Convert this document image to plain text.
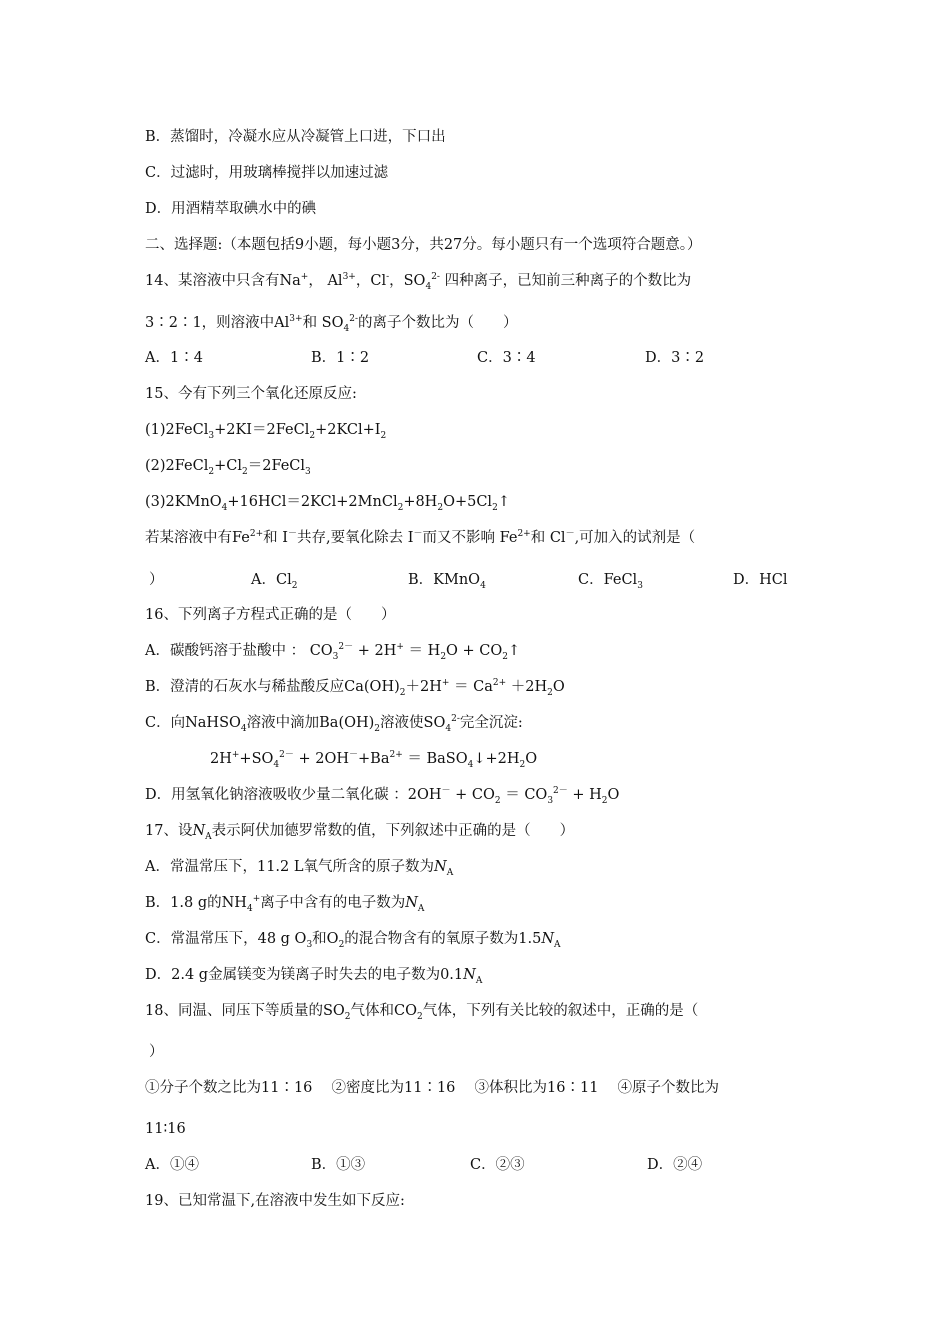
B．蒸馏时，冷凝水应从冷凝管上口进，下口出
C．过滤时，用玻璃棒搅拌以加速过滤
D．用酒精萃取碘水中的碘
二、选择题:（本题包括9小题，每小题3分，共27分。每小题只有一个选项符合题意。）
14、某溶液中只含有Na+， $Al^{3+}$，Cl-，$SO_4^{2-}$ 四种离子，已知前三种离子的个数比为
3∶2∶1，则溶液中$Al^{3+}$和 $SO_4^{2-}$的离子个数比为（　　）
A．1∶4	B．1∶2	C．3∶4	D．3∶2
15、今有下列三个氧化还原反应:
$(1)2FeCl_3+2KI=2FeCl_2+2KCl+I_2$
$(2)2FeCl_2+Cl_2=2FeCl_3$
$(3)2KMnO_4+16HCl=2KCl+2MnCl_2+8H_2O+5Cl_2↑$
若某溶液中有$Fe^{2+}$和 I－共存,要氧化除去 I－而又不影响 $Fe^{2+}$和 Cl－,可加入的试剂是（
）	A．$Cl_2$	B．KMnO$_4$	C．FeCl$_3$	D．HCl
16、下列离子方程式正确的是（　　）
A．碳酸钙溶于盐酸中 ： $CO_3^{2-} + 2H^+ = H_2O$ + $CO_2↑$
B．澄清的石灰水与稀盐酸反应$Ca(OH)_2+2H^+ = Ca^{2+} +2H_2O$
C．向NaHSO$_4$溶液中滴加$Ba(OH)_2$溶液使$SO_4^{2-}$完全沉淀:
$2H^++SO_4^{2-} + 2OH^-+Ba^{2+}$ ＝ $BaSO_4↓+2H_2O$
D．用氢氧化钠溶液吸收少量二氧化碳 ：$2OH^- + CO_2 = CO_3^{2-} + H_2O$
17、设$N_A$表示阿伏加德罗常数的值，下列叙述中正确的是（　　）
A．常温常压下，11.2 L氧气所含的原子数为$N_A$
B．1.8 g的$NH_4^+$离子中含有的电子数为$N_A$
C．常温常压下，48 g $O_3$和$O_2$的混合物含有的氧原子数为$1.5N_A$
D．2.4 g金属镁变为镁离子时失去的电子数为$0.1N_A$
18、同温、同压下等质量的$SO_2$气体和$CO_2$气体，下列有关比较的叙述中，正确的是（
）
①分子个数之比为11∶16　 ②密度比为11∶16　 ③体积比为16∶11　 ④原子个数比为
11∶16
A．①④	B．①③	C．②③	D．②④
19、已知常温下,在溶液中发生如下反应:
